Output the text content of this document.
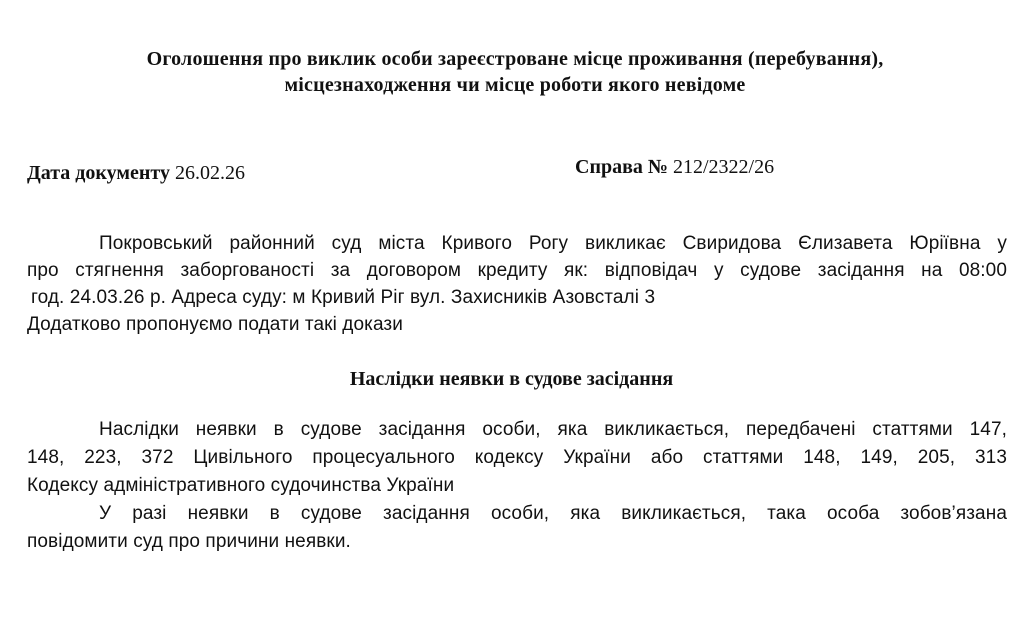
Оголошення про виклик особи зареєстроване місце проживання (перебування),
місцезнаходження чи місце роботи якого невідоме
Дата документу 26.02.26	Справа № 212/2322/26
Покровський районний суд міста Кривого Рогу викликає Свиридова Єлизавета Юріївна у
про стягнення заборгованості за договором кредиту як: відповідач у судове засідання на 08:00
год. 24.03.26 р. Адреса суду: м Кривий Ріг вул. Захисників Азовсталі 3
Додатково пропонуємо подати такі докази
Наслідки неявки в судове засідання
Наслідки неявки в судове засідання особи, яка викликається, передбачені статтями 147,
148, 223, 372 Цивільного процесуального кодексу України або статтями 148, 149, 205, 313
Кодексу адміністративного судочинства України
У разі неявки в судове засідання особи, яка викликається, така особа зобов’язана
повідомити суд про причини неявки.
